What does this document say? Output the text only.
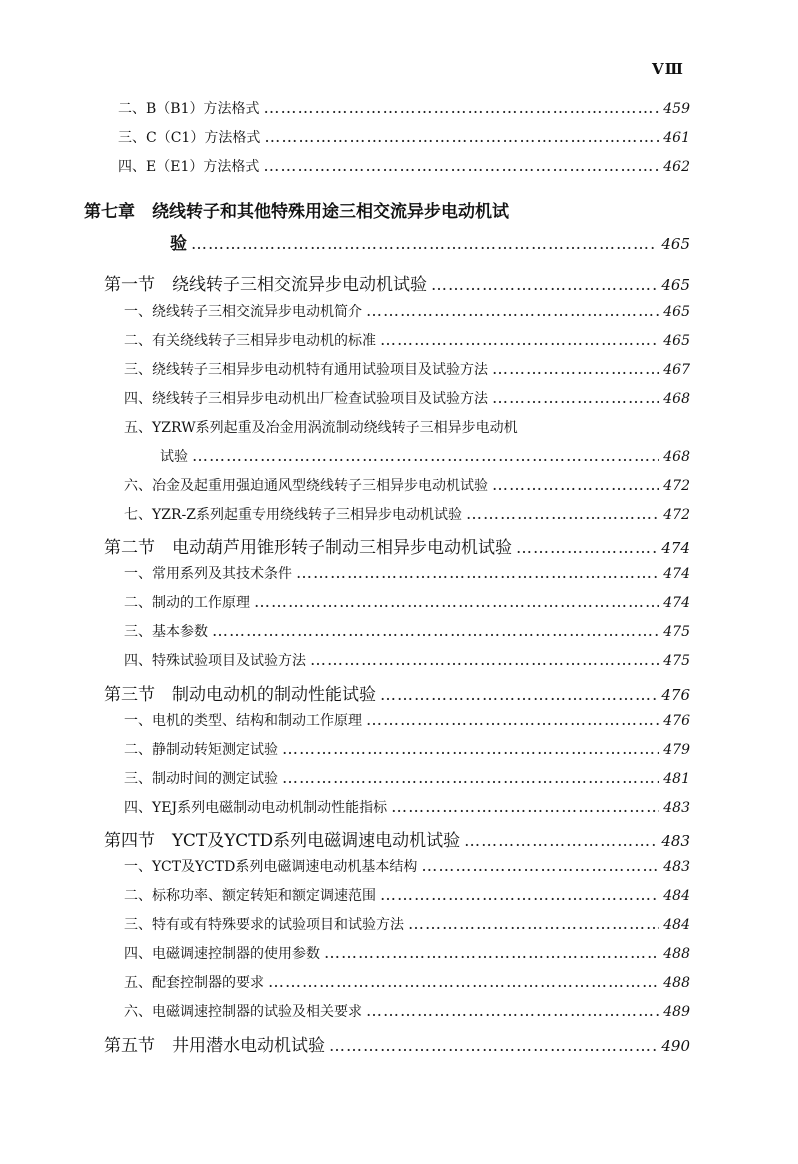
VⅢ
二、B（B1）方法格式 ……………………………………………………………………………………………………………………………………………………………	459
三、C（C1）方法格式 ……………………………………………………………………………………………………………………………………………………………	461
四、E（E1）方法格式 ……………………………………………………………………………………………………………………………………………………………	462
第七章　绕线转子和其他特殊用途三相交流异步电动机试
验 ……………………………………………………………………………………………………………………………………………………………	465
第一节　绕线转子三相交流异步电动机试验 ……………………………………………………………………………………………………………………………………………………………	465
一、绕线转子三相交流异步电动机简介 ……………………………………………………………………………………………………………………………………………………………	465
二、有关绕线转子三相异步电动机的标准 ……………………………………………………………………………………………………………………………………………………………	465
三、绕线转子三相异步电动机特有通用试验项目及试验方法 ……………………………………………………………………………………………………………………………………………………………	467
四、绕线转子三相异步电动机出厂检查试验项目及试验方法 ……………………………………………………………………………………………………………………………………………………………	468
五、YZRW系列起重及冶金用涡流制动绕线转子三相异步电动机
试验 ……………………………………………………………………………………………………………………………………………………………	468
六、冶金及起重用强迫通风型绕线转子三相异步电动机试验 ……………………………………………………………………………………………………………………………………………………………	472
七、YZR-Z系列起重专用绕线转子三相异步电动机试验 ……………………………………………………………………………………………………………………………………………………………	472
第二节　电动葫芦用锥形转子制动三相异步电动机试验 ……………………………………………………………………………………………………………………………………………………………	474
一、常用系列及其技术条件 ……………………………………………………………………………………………………………………………………………………………	474
二、制动的工作原理 ……………………………………………………………………………………………………………………………………………………………	474
三、基本参数 ……………………………………………………………………………………………………………………………………………………………	475
四、特殊试验项目及试验方法 ……………………………………………………………………………………………………………………………………………………………	475
第三节　制动电动机的制动性能试验 ……………………………………………………………………………………………………………………………………………………………	476
一、电机的类型、结构和制动工作原理 ……………………………………………………………………………………………………………………………………………………………	476
二、静制动转矩测定试验 ……………………………………………………………………………………………………………………………………………………………	479
三、制动时间的测定试验 ……………………………………………………………………………………………………………………………………………………………	481
四、YEJ系列电磁制动电动机制动性能指标 ……………………………………………………………………………………………………………………………………………………………	483
第四节　YCT及YCTD系列电磁调速电动机试验 ……………………………………………………………………………………………………………………………………………………………	483
一、YCT及YCTD系列电磁调速电动机基本结构 ……………………………………………………………………………………………………………………………………………………………	483
二、标称功率、额定转矩和额定调速范围 ……………………………………………………………………………………………………………………………………………………………	484
三、特有或有特殊要求的试验项目和试验方法 ……………………………………………………………………………………………………………………………………………………………	484
四、电磁调速控制器的使用参数 ……………………………………………………………………………………………………………………………………………………………	488
五、配套控制器的要求 ……………………………………………………………………………………………………………………………………………………………	488
六、电磁调速控制器的试验及相关要求 ……………………………………………………………………………………………………………………………………………………………	489
第五节　井用潜水电动机试验 ……………………………………………………………………………………………………………………………………………………………	490
